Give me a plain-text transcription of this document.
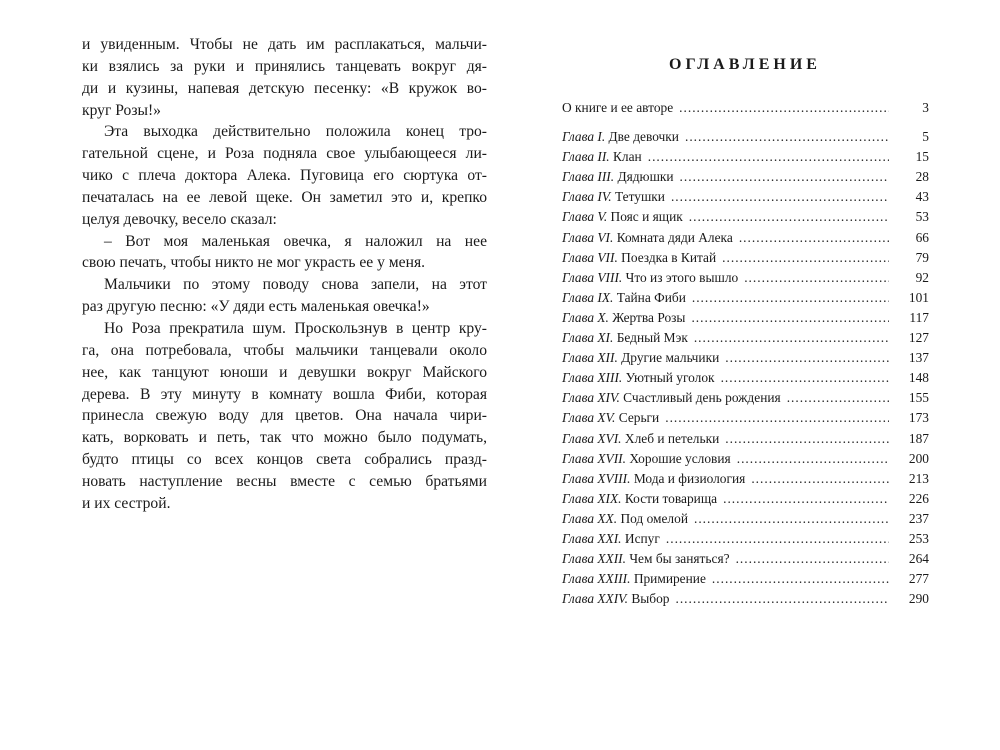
и увиденным. Чтобы не дать им расплакаться, мальчи-
ки взялись за руки и принялись танцевать вокруг дя-
ди и кузины, напевая детскую песенку: «В кружок во-
круг Розы!»
Эта выходка действительно положила конец тро-
гательной сцене, и Роза подняла свое улыбающееся ли-
чико с плеча доктора Алека. Пуговица его сюртука от-
печаталась на ее левой щеке. Он заметил это и, крепко
целуя девочку, весело сказал:
– Вот моя маленькая овечка, я наложил на нее
свою печать, чтобы никто не мог украсть ее у меня.
Мальчики по этому поводу снова запели, на этот
раз другую песню: «У дяди есть маленькая овечка!»
Но Роза прекратила шум. Проскользнув в центр кру-
га, она потребовала, чтобы мальчики танцевали около
нее, как танцуют юноши и девушки вокруг Майского
дерева. В эту минуту в комнату вошла Фиби, которая
принесла свежую воду для цветов. Она начала чири-
кать, ворковать и петь, так что можно было подумать,
будто птицы со всех концов света собрались празд-
новать наступление весны вместе с семью братьями
и их сестрой.
ОГЛАВЛЕНИЕ
О книге и ее авторе .....	3
Глава I. Две девочки .....	5
Глава II. Клан .....	15
Глава III. Дядюшки .....	28
Глава IV. Тетушки .....	43
Глава V. Пояс и ящик .....	53
Глава VI. Комната дяди Алека .....	66
Глава VII. Поездка в Китай .....	79
Глава VIII. Что из этого вышло .....	92
Глава IX. Тайна Фиби .....	101
Глава X. Жертва Розы .....	117
Глава XI. Бедный Мэк .....	127
Глава XII. Другие мальчики .....	137
Глава XIII. Уютный уголок .....	148
Глава XIV. Счастливый день рождения .....	155
Глава XV. Серьги .....	173
Глава XVI. Хлеб и петельки .....	187
Глава XVII. Хорошие условия .....	200
Глава XVIII. Мода и физиология .....	213
Глава XIX. Кости товарища .....	226
Глава XX. Под омелой .....	237
Глава XXI. Испуг .....	253
Глава XXII. Чем бы заняться? .....	264
Глава XXIII. Примирение .....	277
Глава XXIV. Выбор .....	290
